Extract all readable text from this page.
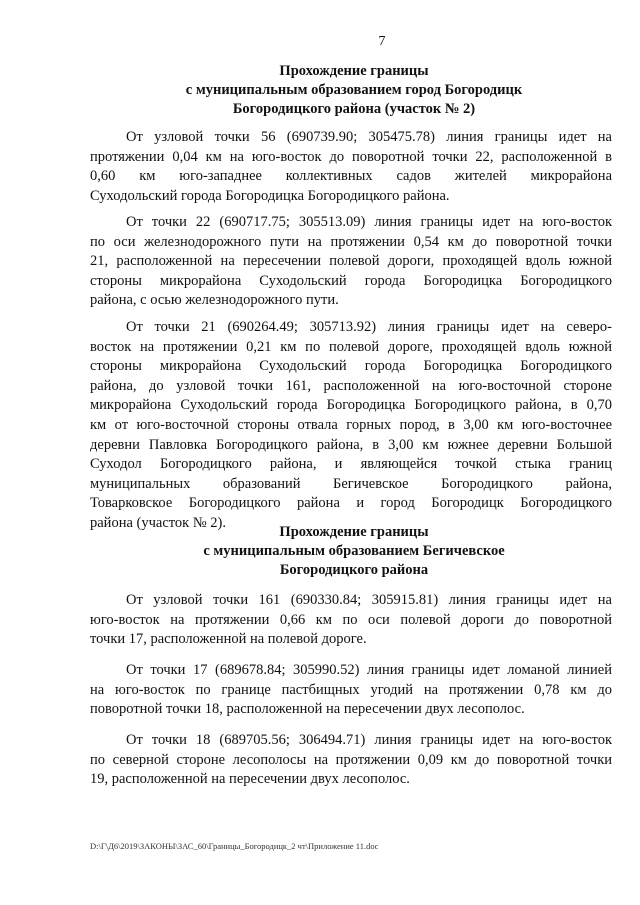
7
Прохождение границы
с муниципальным образованием город Богородицк
Богородицкого района (участок № 2)
От узловой точки 56 (690739.90; 305475.78) линия границы идет на
протяжении 0,04 км на юго-восток до поворотной точки 22, расположенной в
0,60 км юго-западнее коллективных садов жителей микрорайона
Суходольский города Богородицка Богородицкого района.
От точки 22 (690717.75; 305513.09) линия границы идет на юго-восток
по оси железнодорожного пути на протяжении 0,54 км до поворотной точки
21, расположенной на пересечении полевой дороги, проходящей вдоль южной
стороны микрорайона Суходольский города Богородицка Богородицкого
района, с осью железнодорожного пути.
От точки 21 (690264.49; 305713.92) линия границы идет на северо-
восток на протяжении 0,21 км по полевой дороге, проходящей вдоль южной
стороны микрорайона Суходольский города Богородицка Богородицкого
района, до узловой точки 161, расположенной на юго-восточной стороне
микрорайона Суходольский города Богородицка Богородицкого района, в 0,70
км от юго-восточной стороны отвала горных пород, в 3,00 км юго-восточнее
деревни Павловка Богородицкого района, в 3,00 км южнее деревни Большой
Суходол Богородицкого района, и являющейся точкой стыка границ
муниципальных образований Бегичевское Богородицкого района,
Товарковское Богородицкого района и город Богородицк Богородицкого
района (участок № 2).
Прохождение границы
с муниципальным образованием Бегичевское
Богородицкого района
От узловой точки 161 (690330.84; 305915.81) линия границы идет на
юго-восток на протяжении 0,66 км по оси полевой дороги до поворотной
точки 17, расположенной на полевой дороге.
От точки 17 (689678.84; 305990.52) линия границы идет ломаной линией
на юго-восток по границе пастбищных угодий на протяжении 0,78 км до
поворотной точки 18, расположенной на пересечении двух лесополос.
От точки 18 (689705.56; 306494.71) линия границы идет на юго-восток
по северной стороне лесополосы на протяжении 0,09 км до поворотной точки
19, расположенной на пересечении двух лесополос.
D:\Г\Д6\2019\ЗАКОНЫ\ЗАС_60\Границы_Богородицк_2 чт\Приложение 11.doc
